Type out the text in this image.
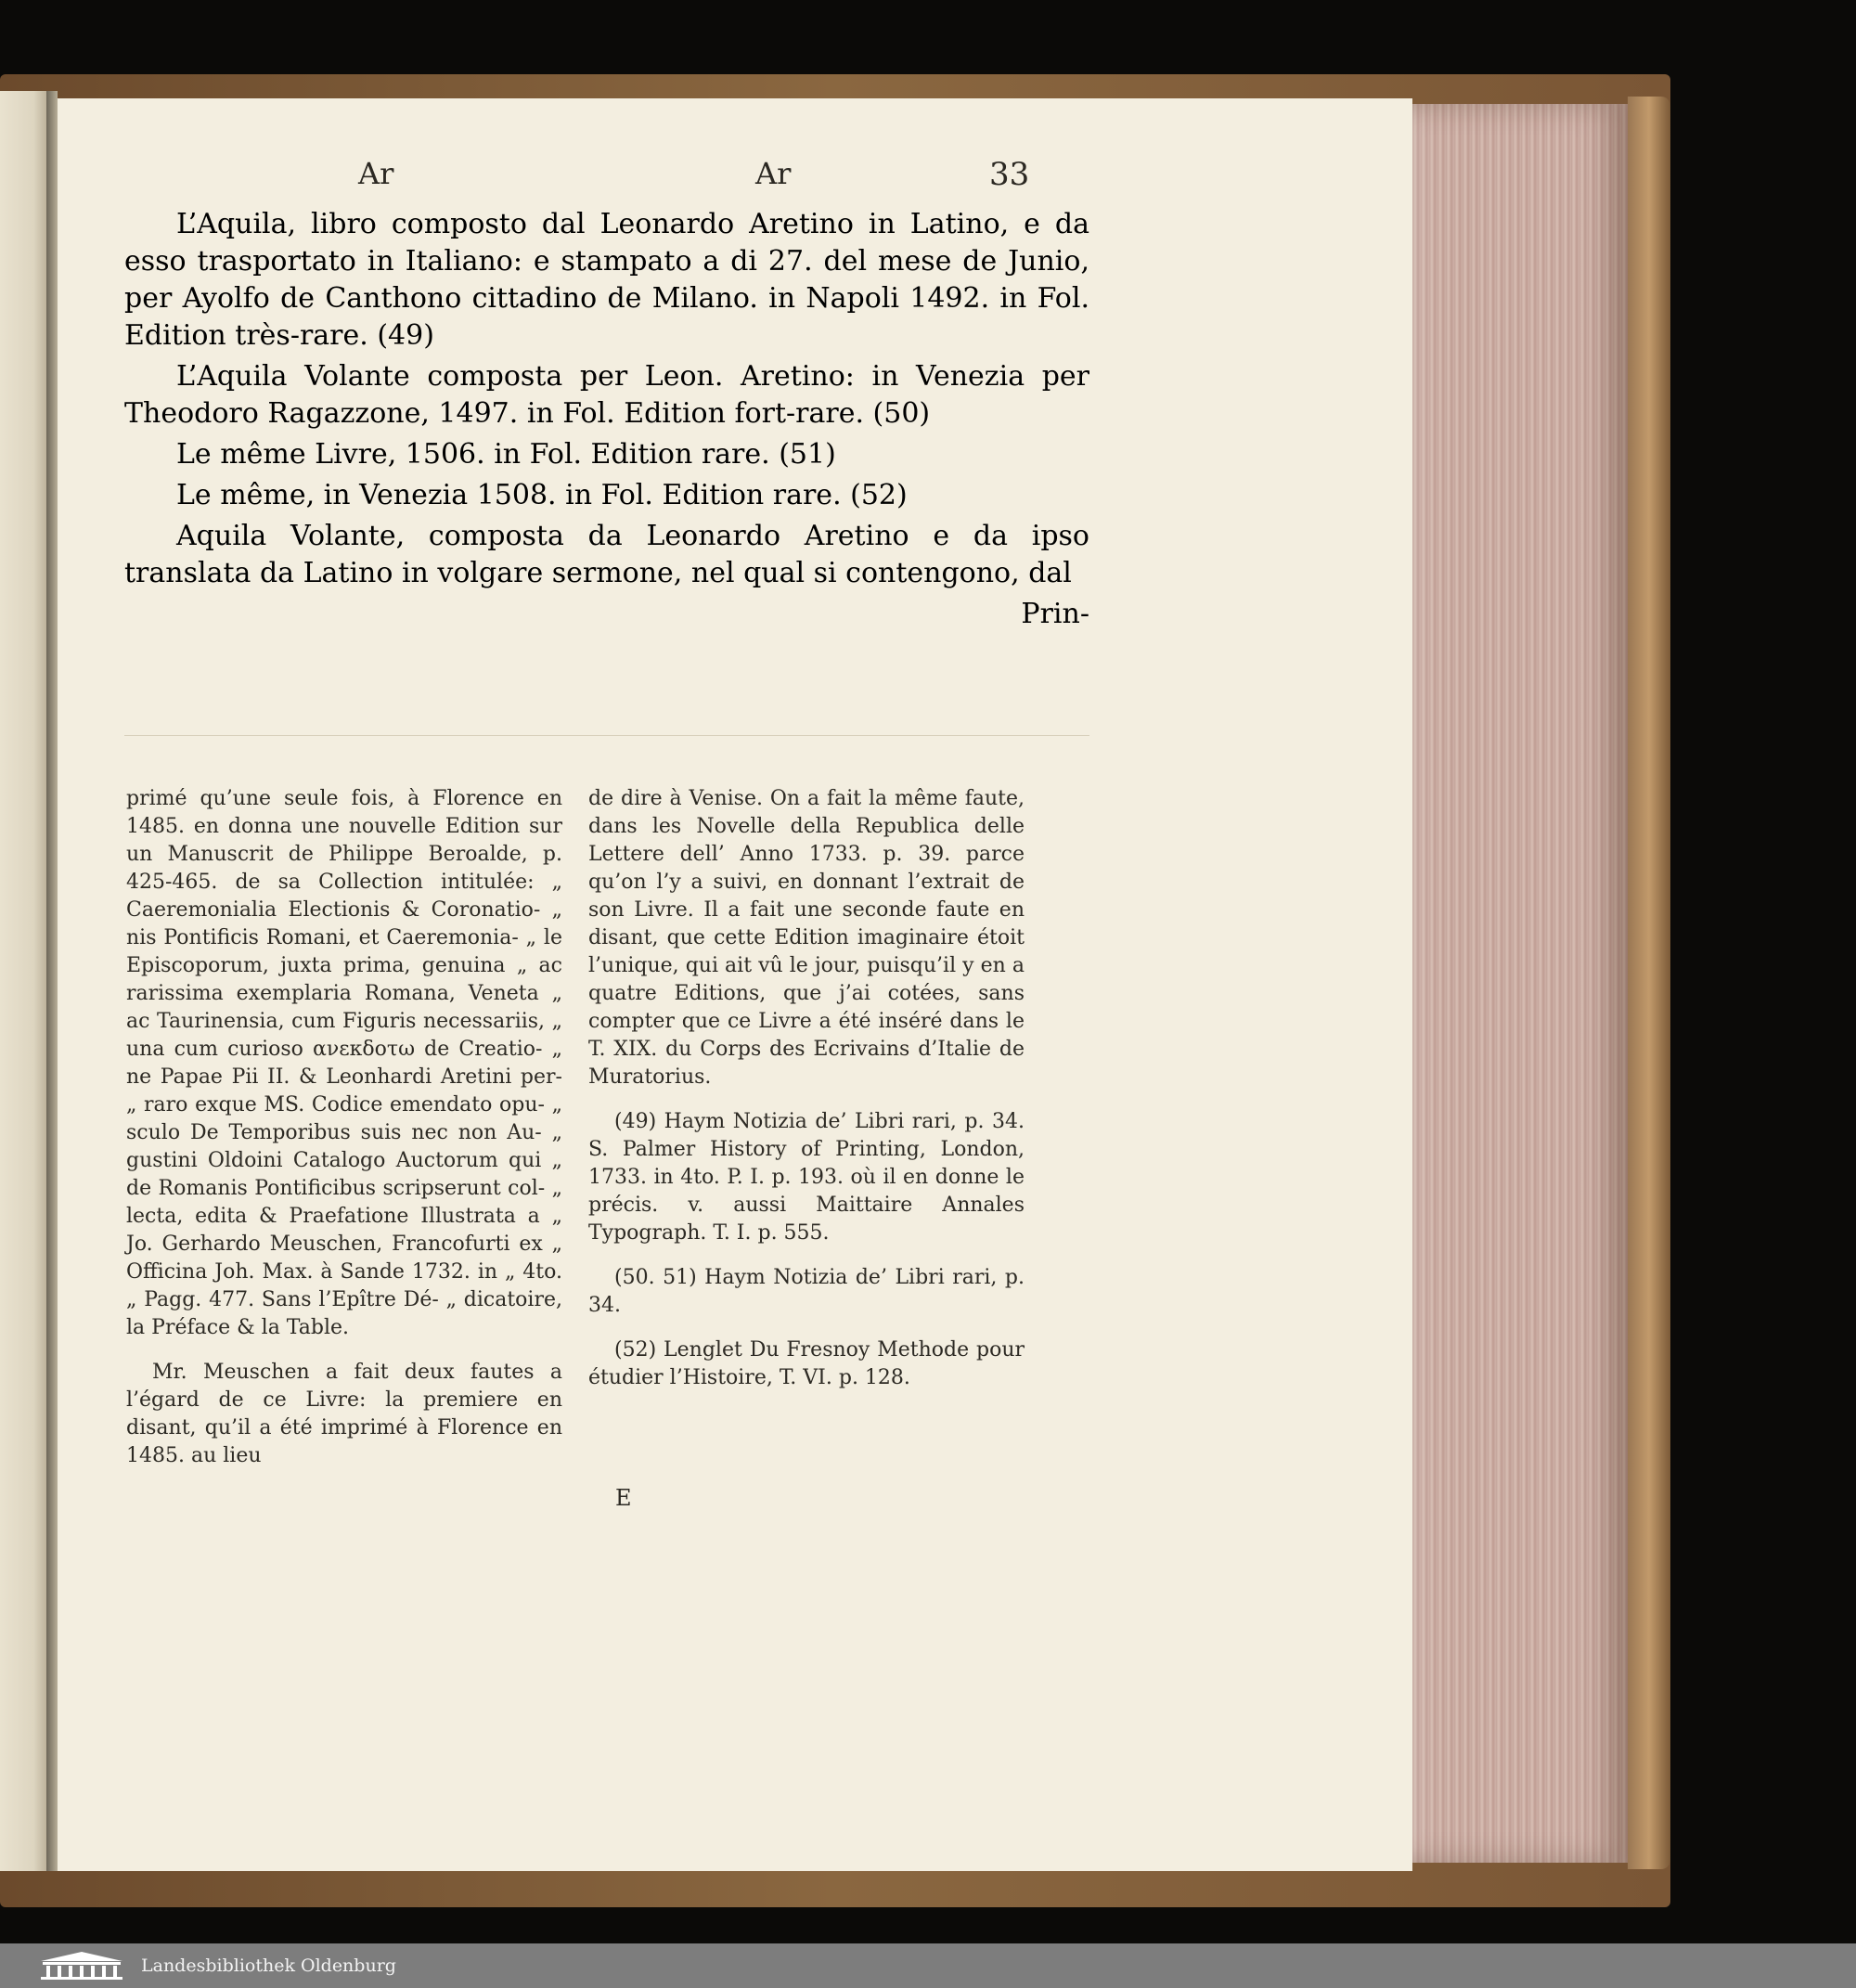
Ar	Ar	33

L’Aquila, libro composto dal Leonardo Aretino in Latino, e da esso trasportato in Italiano: e stampato a di 27. del mese de Junio, per Ayolfo de Canthono cittadino de Milano. in Napoli 1492. in Fol. Edition très-rare. (49)

L’Aquila Volante composta per Leon. Aretino: in Venezia per Theodoro Ragazzone, 1497. in Fol. Edition fort-rare. (50)

Le même Livre, 1506. in Fol. Edition rare. (51)

Le même, in Venezia 1508. in Fol. Edition rare. (52)

Aquila Volante, composta da Leonardo Aretino e da ipso translata da Latino in volgare sermone, nel qual si contengono, dal

Prin-

primé qu’une seule fois, à Florence en 1485. en donna une nouvelle Edition sur un Manuscrit de Philippe Beroalde, p. 425-465. de sa Collection intitulée: „ Caeremonialia Electionis & Coronatio- „ nis Pontificis Romani, et Caeremonia- „ le Episcoporum, juxta prima, genuina „ ac rarissima exemplaria Romana, Veneta „ ac Taurinensia, cum Figuris necessariis, „ una cum curioso ανεκδοτω de Creatio- „ ne Papae Pii II. & Leonhardi Aretini per- „ raro exque MS. Codice emendato opu- „ sculo De Temporibus suis nec non Au- „ gustini Oldoini Catalogo Auctorum qui „ de Romanis Pontificibus scripserunt col- „ lecta, edita & Praefatione Illustrata a „ Jo. Gerhardo Meuschen, Francofurti ex „ Officina Joh. Max. à Sande 1732. in „ 4to. „ Pagg. 477. Sans l’Epître Dé- „ dicatoire, la Préface & la Table.

Mr. Meuschen a fait deux fautes a l’égard de ce Livre: la premiere en disant, qu’il a été imprimé à Florence en 1485. au lieu

de dire à Venise. On a fait la même faute, dans les Novelle della Republica delle Lettere dell’ Anno 1733. p. 39. parce qu’on l’y a suivi, en donnant l’extrait de son Livre. Il a fait une seconde faute en disant, que cette Edition imaginaire étoit l’unique, qui ait vû le jour, puisqu’il y en a quatre Editions, que j’ai cotées, sans compter que ce Livre a été inséré dans le T. XIX. du Corps des Ecrivains d’Italie de Muratorius.

(49) Haym Notizia de’ Libri rari, p. 34. S. Palmer History of Printing, London, 1733. in 4to. P. I. p. 193. où il en donne le précis. v. aussi Maittaire Annales Typograph. T. I. p. 555.

(50. 51) Haym Notizia de’ Libri rari, p. 34.

(52) Lenglet Du Fresnoy Methode pour étudier l’Histoire, T. VI. p. 128.

E
Landesbibliothek Oldenburg
